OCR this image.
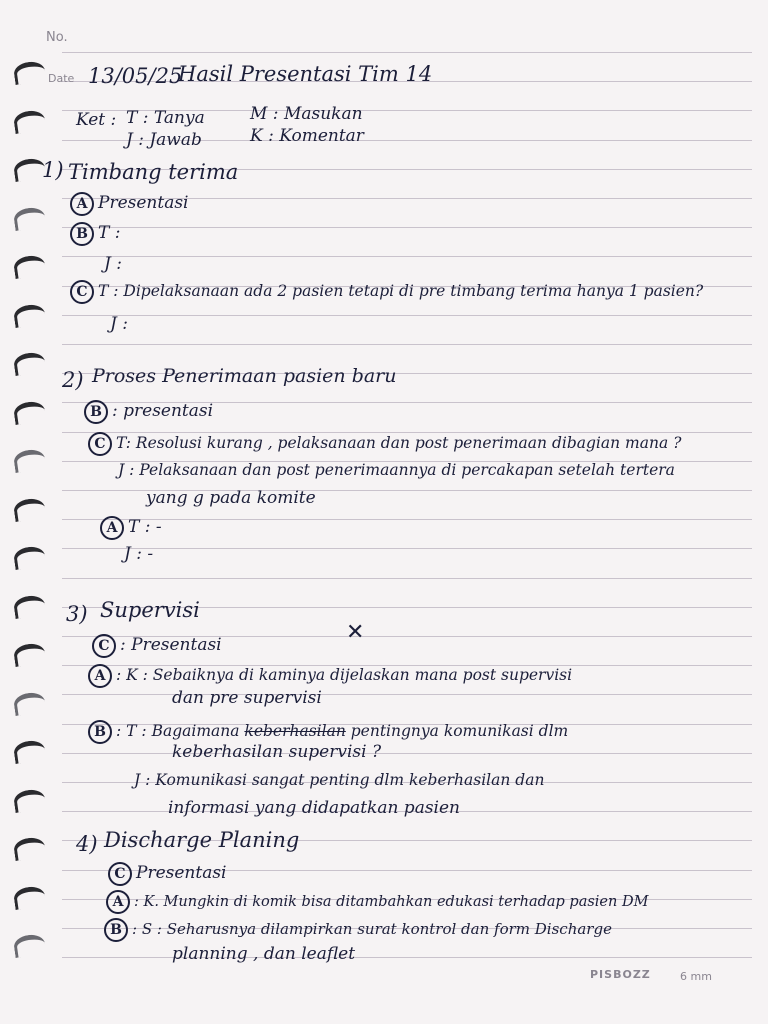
No.
Date
PISBOZZ	6 mm
13/05/25
Hasil Presentasi Tim 14
Ket : T : Tanya
J : Jawab
M : Masukan
K : Komentar
1) Timbang terima
A Presentasi
B T :
J :
C T : Dipelaksanaan ada 2 pasien tetapi di pre timbang terima hanya 1 pasien?
J :
2) Proses Penerimaan pasien baru
B : presentasi
C T: Resolusi kurang , pelaksanaan dan post penerimaan dibagian mana ?
J : Pelaksanaan dan post penerimaannya di percakapan setelah tertera
yang g pada komite
A T : -
J : -
3) Supervisi
✕
C : Presentasi
A : K : Sebaiknya di kaminya dijelaskan mana post supervisi
dan pre supervisi
B : T : Bagaimana keberhasilan pentingnya komunikasi dlm
keberhasilan supervisi ?
J : Komunikasi sangat penting dlm keberhasilan dan
informasi yang didapatkan pasien
4) Discharge Planing
C Presentasi
A : K. Mungkin di komik bisa ditambahkan edukasi terhadap pasien DM
B : S : Seharusnya dilampirkan surat kontrol dan form Discharge
planning , dan leaflet
